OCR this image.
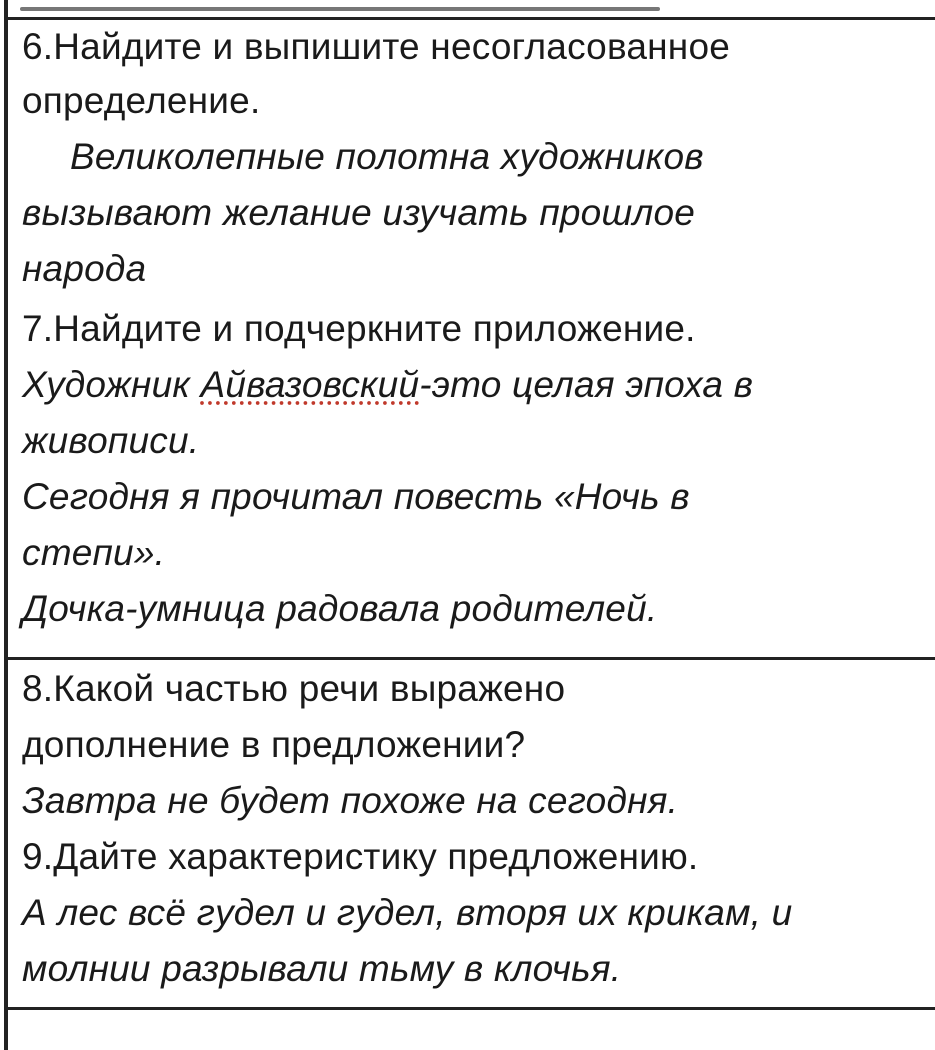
6.Найдите и выпишите несогласованное
определение.
Великолепные полотна художников
вызывают желание изучать прошлое
народа
7.Найдите и подчеркните приложение.
Художник Айвазовский-это целая эпоха в
живописи.
Сегодня я прочитал повесть «Ночь в
степи».
Дочка-умница радовала родителей.
8.Какой частью речи выражено
дополнение в предложении?
Завтра не будет похоже на сегодня.
9.Дайте характеристику предложению.
А лес всё гудел и гудел, вторя их крикам, и
молнии разрывали тьму в клочья.
